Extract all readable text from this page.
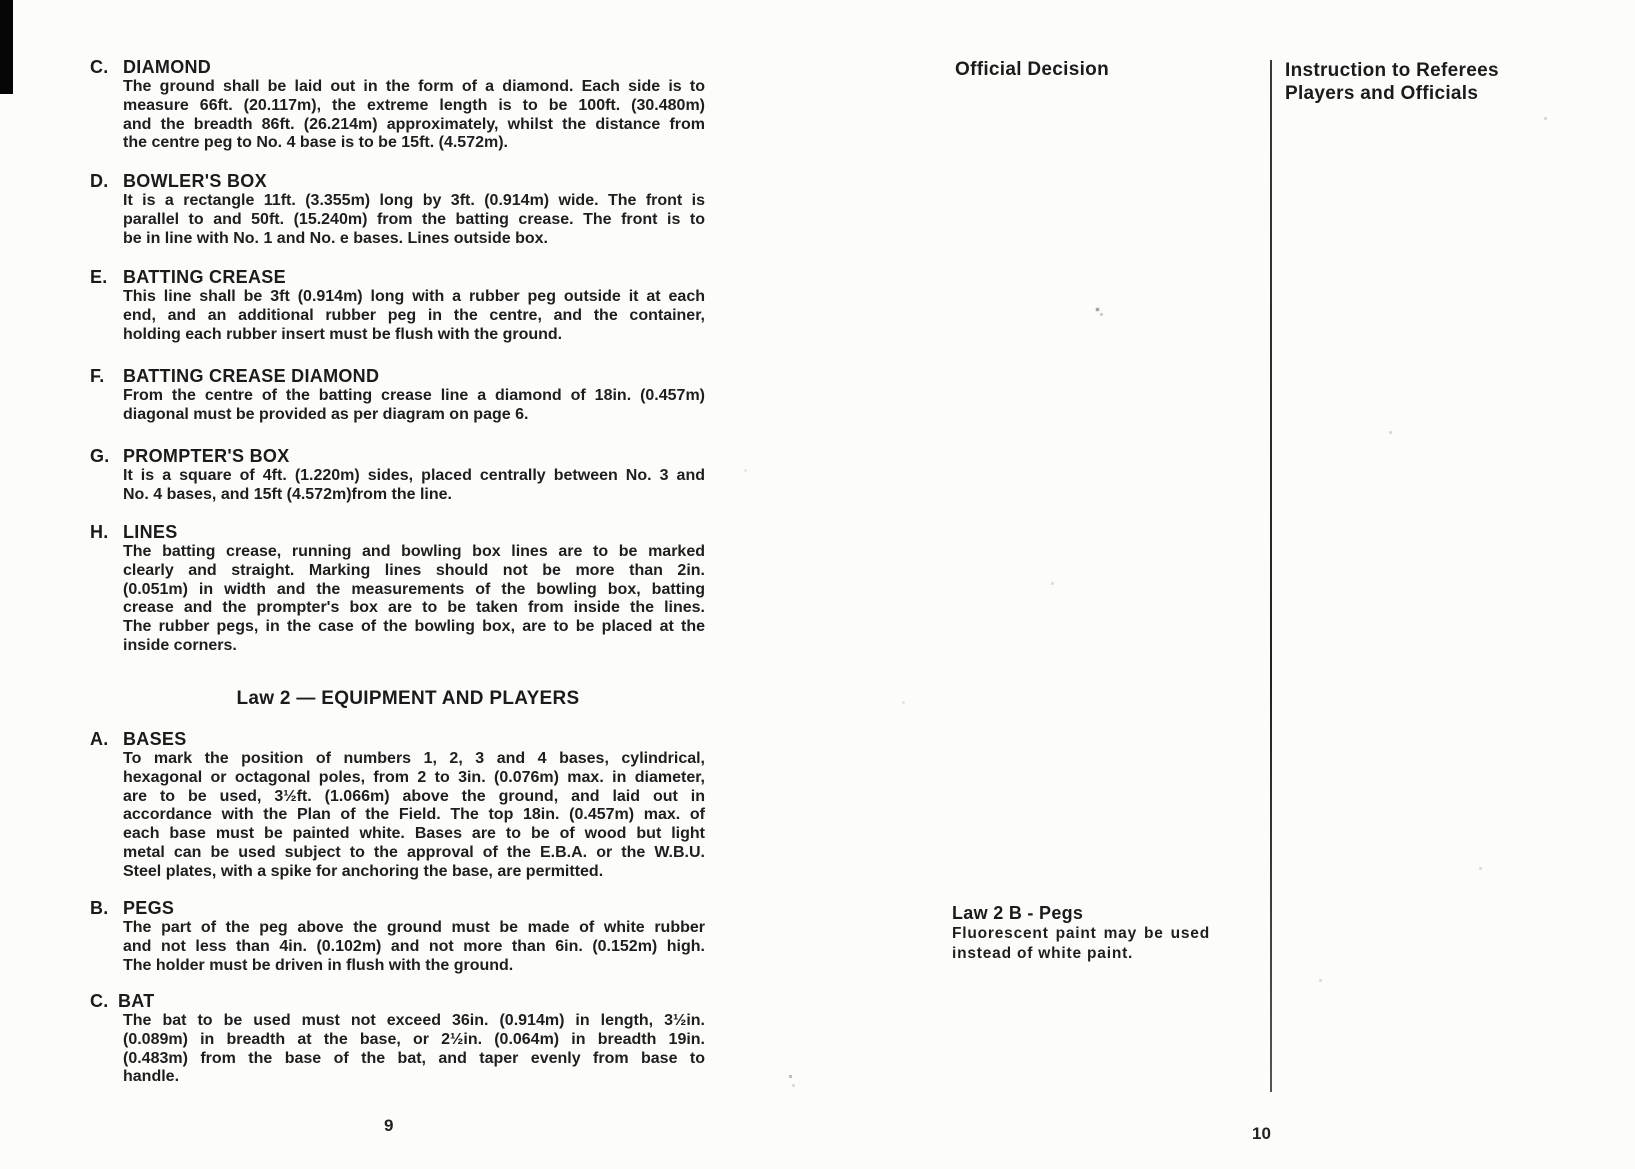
C. DIAMOND
The ground shall be laid out in the form of a diamond. Each side is to
measure 66ft. (20.117m), the extreme length is to be 100ft. (30.480m)
and the breadth 86ft. (26.214m) approximately, whilst the distance from
the centre peg to No. 4 base is to be 15ft. (4.572m).
D. BOWLER'S BOX
It is a rectangle 11ft. (3.355m) long by 3ft. (0.914m) wide. The front is
parallel to and 50ft. (15.240m) from the batting crease. The front is to
be in line with No. 1 and No. e bases. Lines outside box.
E. BATTING CREASE
This line shall be 3ft (0.914m) long with a rubber peg outside it at each
end, and an additional rubber peg in the centre, and the container,
holding each rubber insert must be flush with the ground.
F. BATTING CREASE DIAMOND
From the centre of the batting crease line a diamond of 18in. (0.457m)
diagonal must be provided as per diagram on page 6.
G. PROMPTER'S BOX
It is a square of 4ft. (1.220m) sides, placed centrally between No. 3 and
No. 4 bases, and 15ft (4.572m)from the line.
H. LINES
The batting crease, running and bowling box lines are to be marked
clearly and straight. Marking lines should not be more than 2in.
(0.051m) in width and the measurements of the bowling box, batting
crease and the prompter's box are to be taken from inside the lines.
The rubber pegs, in the case of the bowling box, are to be placed at the
inside corners.
Law 2 — EQUIPMENT AND PLAYERS
A. BASES
To mark the position of numbers 1, 2, 3 and 4 bases, cylindrical,
hexagonal or octagonal poles, from 2 to 3in. (0.076m) max. in diameter,
are to be used, 3½ft. (1.066m) above the ground, and laid out in
accordance with the Plan of the Field. The top 18in. (0.457m) max. of
each base must be painted white. Bases are to be of wood but light
metal can be used subject to the approval of the E.B.A. or the W.B.U.
Steel plates, with a spike for anchoring the base, are permitted.
B. PEGS
The part of the peg above the ground must be made of white rubber
and not less than 4in. (0.102m) and not more than 6in. (0.152m) high.
The holder must be driven in flush with the ground.
C. BAT
The bat to be used must not exceed 36in. (0.914m) in length, 3½in.
(0.089m) in breadth at the base, or 2½in. (0.064m) in breadth 19in.
(0.483m) from the base of the bat, and taper evenly from base to
handle.
9
Official Decision	Instruction to Referees
Players and Officials
Law 2 B - Pegs
Fluorescent paint may be used
instead of white paint.
10
